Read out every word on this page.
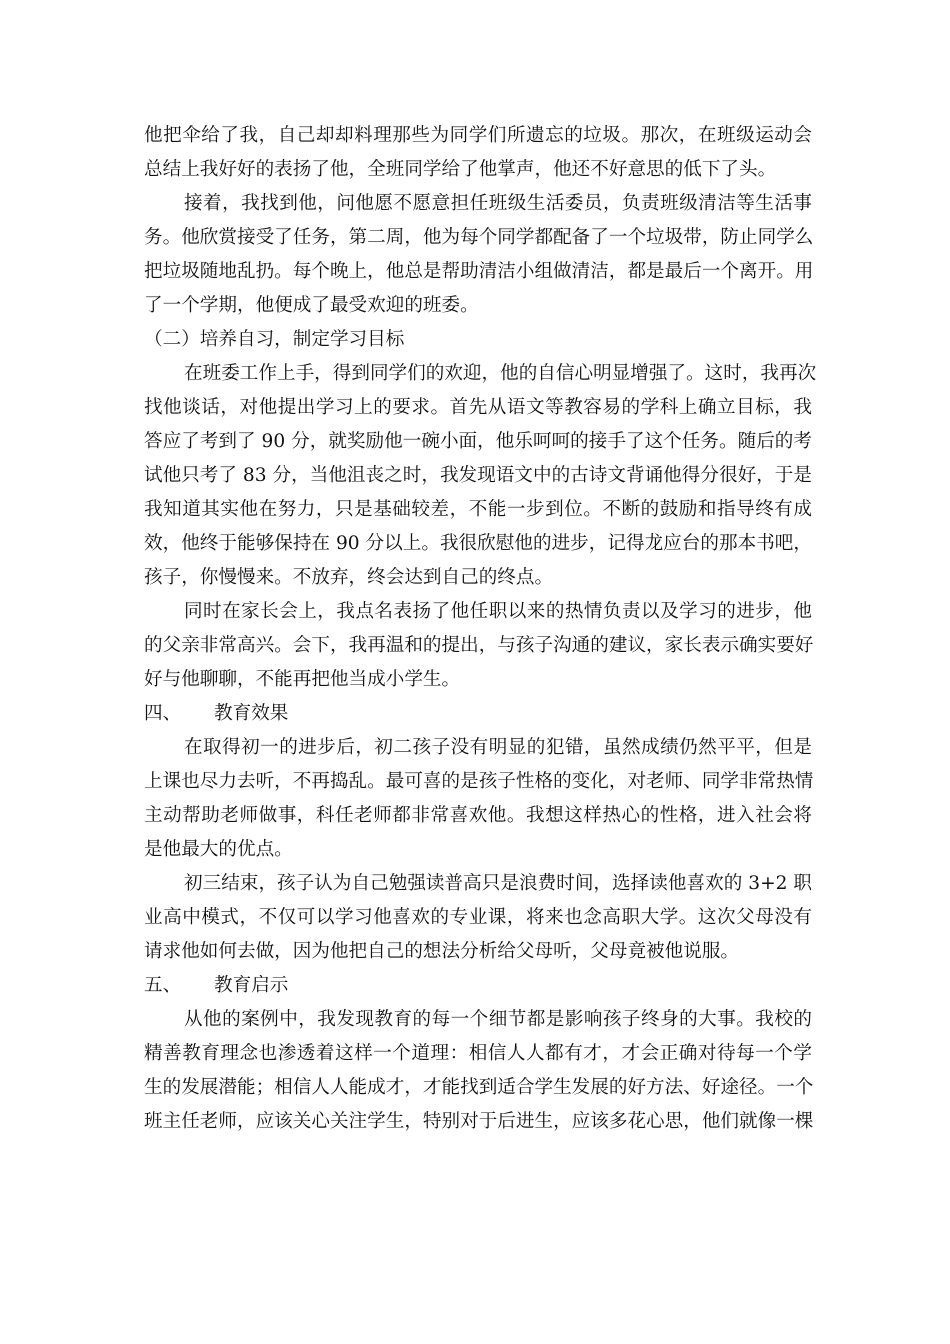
他把伞给了我，自己却却料理那些为同学们所遗忘的垃圾。那次，在班级运动会
总结上我好好的表扬了他，全班同学给了他掌声，他还不好意思的低下了头。
接着，我找到他，问他愿不愿意担任班级生活委员，负责班级清洁等生活事
务。他欣赏接受了任务，第二周，他为每个同学都配备了一个垃圾带，防止同学么
把垃圾随地乱扔。每个晚上，他总是帮助清洁小组做清洁，都是最后一个离开。用
了一个学期，他便成了最受欢迎的班委。
（二）培养自习，制定学习目标
在班委工作上手，得到同学们的欢迎，他的自信心明显增强了。这时，我再次
找他谈话，对他提出学习上的要求。首先从语文等教容易的学科上确立目标，我
答应了考到了 90 分，就奖励他一碗小面，他乐呵呵的接手了这个任务。随后的考
试他只考了 83 分，当他沮丧之时，我发现语文中的古诗文背诵他得分很好，于是
我知道其实他在努力，只是基础较差，不能一步到位。不断的鼓励和指导终有成
效，他终于能够保持在 90 分以上。我很欣慰他的进步，记得龙应台的那本书吧，
孩子，你慢慢来。不放弃，终会达到自己的终点。
同时在家长会上，我点名表扬了他任职以来的热情负责以及学习的进步，他
的父亲非常高兴。会下，我再温和的提出，与孩子沟通的建议，家长表示确实要好
好与他聊聊，不能再把他当成小学生。
四、 教育效果
在取得初一的进步后，初二孩子没有明显的犯错，虽然成绩仍然平平，但是
上课也尽力去听，不再捣乱。最可喜的是孩子性格的变化，对老师、同学非常热情
主动帮助老师做事，科任老师都非常喜欢他。我想这样热心的性格，进入社会将
是他最大的优点。
初三结束，孩子认为自己勉强读普高只是浪费时间，选择读他喜欢的 3+2 职
业高中模式，不仅可以学习他喜欢的专业课，将来也念高职大学。这次父母没有
请求他如何去做，因为他把自己的想法分析给父母听，父母竟被他说服。
五、 教育启示
从他的案例中，我发现教育的每一个细节都是影响孩子终身的大事。我校的
精善教育理念也渗透着这样一个道理：相信人人都有才，才会正确对待每一个学
生的发展潜能；相信人人能成才，才能找到适合学生发展的好方法、好途径。一个
班主任老师，应该关心关注学生，特别对于后进生，应该多花心思，他们就像一棵
